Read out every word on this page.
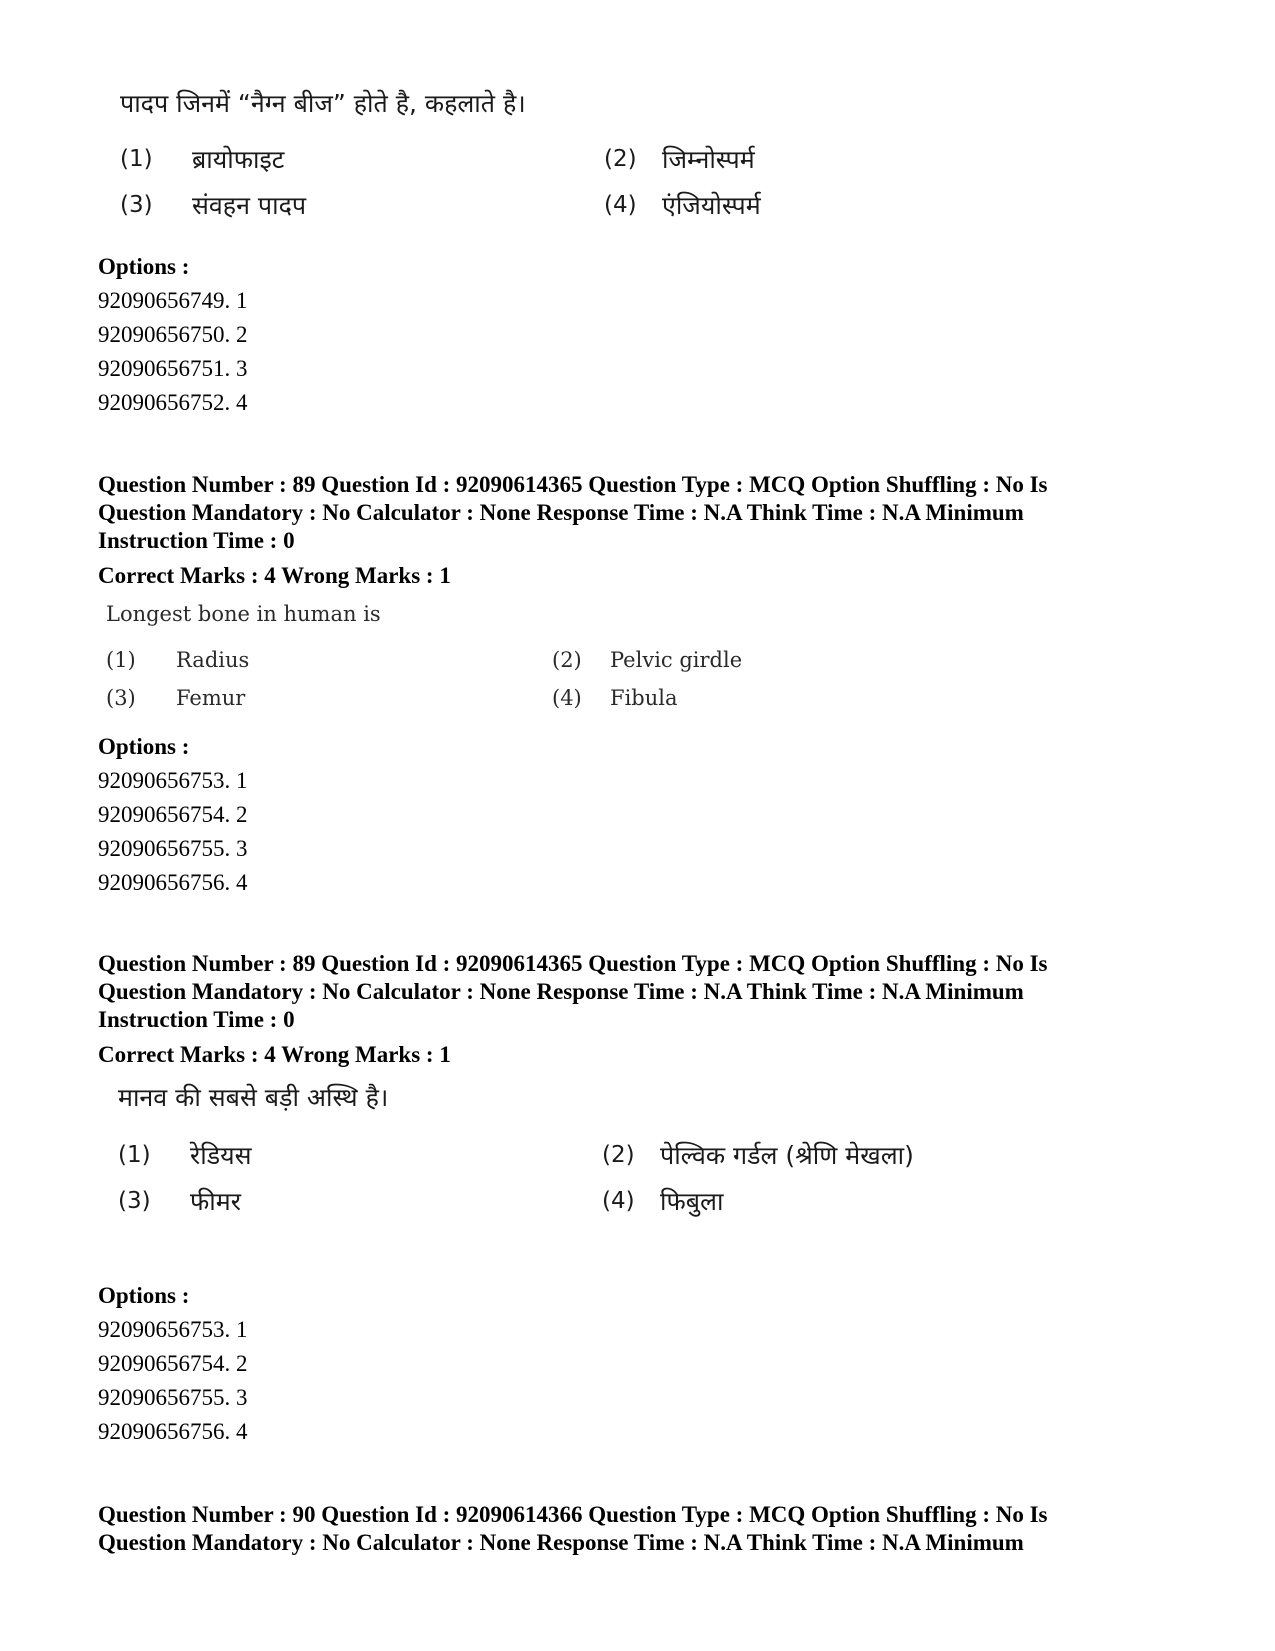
पादप जिनमें “नैग्न बीज” होते है, कहलाते है।
(1) ब्रायोफाइट	(2) जिम्नोस्पर्म
(3) संवहन पादप	(4) एंजियोस्पर्म

Options :

92090656749. 1

92090656750. 2

92090656751. 3

92090656752. 4

Question Number : 89 Question Id : 92090614365 Question Type : MCQ Option Shuffling : No Is

Question Mandatory : No Calculator : None Response Time : N.A Think Time : N.A Minimum

Instruction Time : 0

Correct Marks : 4 Wrong Marks : 1

Longest bone in human is
(1) Radius	(2) Pelvic girdle
(3) Femur	(4) Fibula

Options :

92090656753. 1

92090656754. 2

92090656755. 3

92090656756. 4

Question Number : 89 Question Id : 92090614365 Question Type : MCQ Option Shuffling : No Is

Question Mandatory : No Calculator : None Response Time : N.A Think Time : N.A Minimum

Instruction Time : 0

Correct Marks : 4 Wrong Marks : 1

मानव की सबसे बड़ी अस्थि है।
(1) रेडियस	(2) पेल्विक गर्डल (श्रेणि मेखला)
(3) फीमर	(4) फिबुला

Options :

92090656753. 1

92090656754. 2

92090656755. 3

92090656756. 4

Question Number : 90 Question Id : 92090614366 Question Type : MCQ Option Shuffling : No Is

Question Mandatory : No Calculator : None Response Time : N.A Think Time : N.A Minimum
